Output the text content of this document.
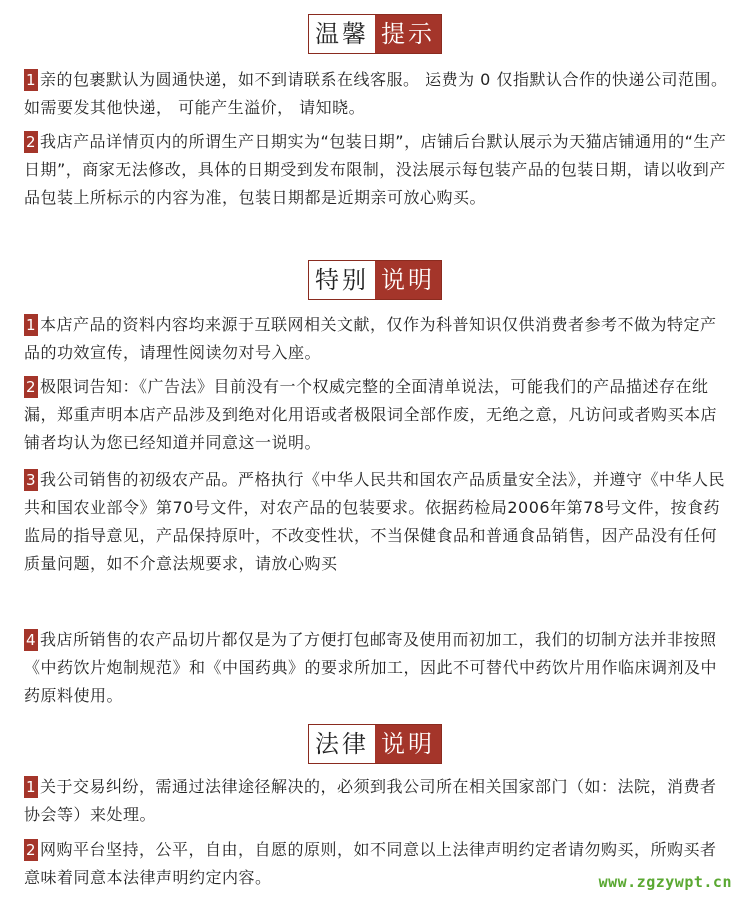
温馨 提示
1 亲的包裹默认为圆通快递，如不到请联系在线客服。 运费为 0 仅指默认合作的快递公司范围。 如需要发其他快递， 可能产生溢价， 请知晓。
2 我店产品详情页内的所谓生产日期实为“包装日期”，店铺后台默认展示为天猫店铺通用的“生产日期”，商家无法修改，具体的日期受到发布限制，没法展示每包装产品的包装日期，请以收到产品包装上所标示的内容为准，包装日期都是近期亲可放心购买。
特别 说明
1 本店产品的资料内容均来源于互联网相关文献，仅作为科普知识仅供消费者参考不做为特定产品的功效宣传，请理性阅读勿对号入座。
2 极限词告知：《广告法》目前没有一个权威完整的全面清单说法，可能我们的产品描述存在纰漏，郑重声明本店产品涉及到绝对化用语或者极限词全部作废，无绝之意，凡访问或者购买本店铺者均认为您已经知道并同意这一说明。
3 我公司销售的初级农产品。严格执行《中华人民共和国农产品质量安全法》，并遵守《中华人民共和国农业部令》第70号文件，对农产品的包装要求。依据药检局2006年第78号文件，按食药监局的指导意见，产品保持原叶，不改变性状，不当保健食品和普通食品销售，因产品没有任何质量问题，如不介意法规要求，请放心购买
4 我店所销售的农产品切片都仅是为了方便打包邮寄及使用而初加工，我们的切制方法并非按照《中药饮片炮制规范》和《中国药典》的要求所加工，因此不可替代中药饮片用作临床调剂及中药原料使用。
法律 说明
1 关于交易纠纷，需通过法律途径解决的，必须到我公司所在相关国家部门（如：法院，消费者协会等）来处理。
2 网购平台坚持，公平，自由，自愿的原则，如不同意以上法律声明约定者请勿购买，所购买者意味着同意本法律声明约定内容。	www.zgzywpt.cn
